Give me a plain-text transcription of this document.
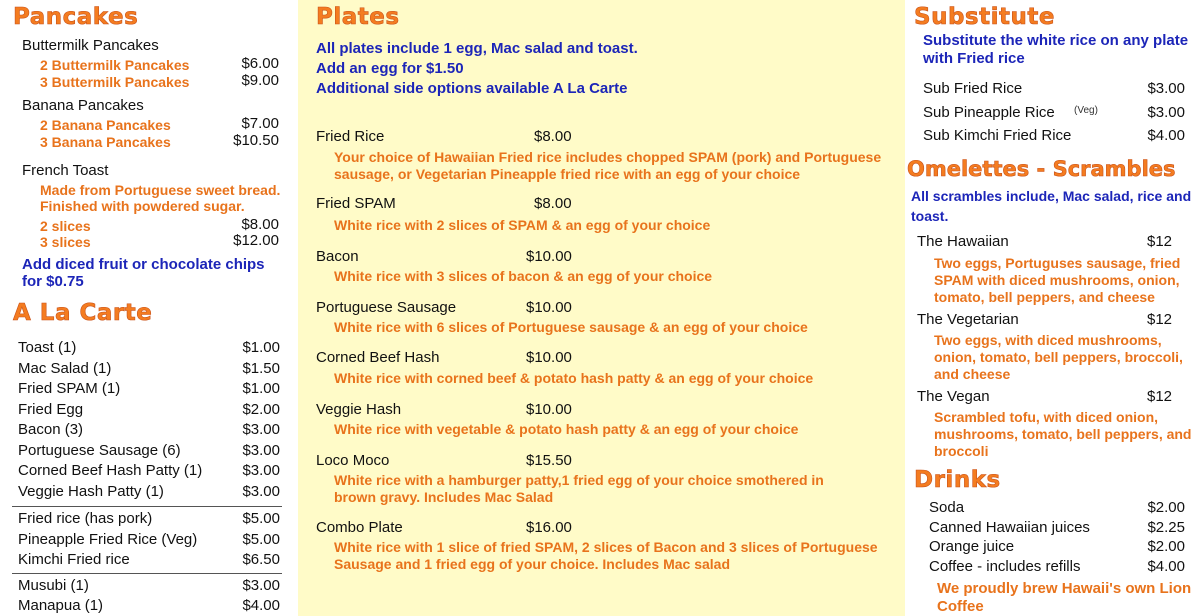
Pancakes
Buttermilk Pancakes
2 Buttermilk Pancakes	$6.00
3 Buttermilk Pancakes	$9.00
Banana Pancakes
2 Banana Pancakes	$7.00
3 Banana Pancakes	$10.50
French Toast
Made from Portuguese sweet bread.
Finished with powdered sugar.
2 slices	$8.00
3 slices	$12.00
Add diced fruit or chocolate chips
for $0.75
A La Carte
Toast (1)	$1.00
Mac Salad (1)	$1.50
Fried SPAM (1)	$1.00
Fried Egg	$2.00
Bacon (3)	$3.00
Portuguese Sausage (6)	$3.00
Corned Beef Hash Patty (1)	$3.00
Veggie Hash Patty (1)	$3.00
Fried rice (has pork)	$5.00
Pineapple Fried Rice (Veg)	$5.00
Kimchi Fried rice	$6.50
Musubi (1)	$3.00
Manapua (1)	$4.00
Plates
All plates include 1 egg, Mac salad and toast.
Add an egg for $1.50
Additional side options available A La Carte
Fried Rice	$8.00
Your choice of Hawaiian Fried rice includes chopped SPAM (pork) and Portuguese sausage, or Vegetarian Pineapple fried rice with an egg of your choice
Fried SPAM	$8.00
White rice with 2 slices of SPAM & an egg of your choice
Bacon	$10.00
White rice with 3 slices of bacon & an egg of your choice
Portuguese Sausage	$10.00
White rice with 6 slices of Portuguese sausage & an egg of your choice
Corned Beef Hash	$10.00
White rice with corned beef & potato hash patty & an egg of your choice
Veggie Hash	$10.00
White rice with vegetable & potato hash patty & an egg of your choice
Loco Moco	$15.50
White rice with a hamburger patty,1 fried egg of your choice smothered in brown gravy. Includes Mac Salad
Combo Plate	$16.00
White rice with 1 slice of fried SPAM, 2 slices of Bacon and 3 slices of Portuguese Sausage and 1 fried egg of your choice. Includes Mac salad
Substitute
Substitute the white rice on any plate with Fried rice
Sub Fried Rice	$3.00
Sub Pineapple Rice (Veg)	$3.00
Sub Kimchi Fried Rice	$4.00
Omelettes - Scrambles
All scrambles include, Mac salad, rice and toast.
The Hawaiian	$12
Two eggs, Portuguses sausage, fried SPAM with diced mushrooms, onion, tomato, bell peppers, and cheese
The Vegetarian	$12
Two eggs, with diced mushrooms, onion, tomato, bell peppers, broccoli, and cheese
The Vegan	$12
Scrambled tofu, with diced onion, mushrooms, tomato, bell peppers, and broccoli
Drinks
Soda	$2.00
Canned Hawaiian juices	$2.25
Orange juice	$2.00
Coffee - includes refills	$4.00
We proudly brew Hawaii's own Lion Coffee
